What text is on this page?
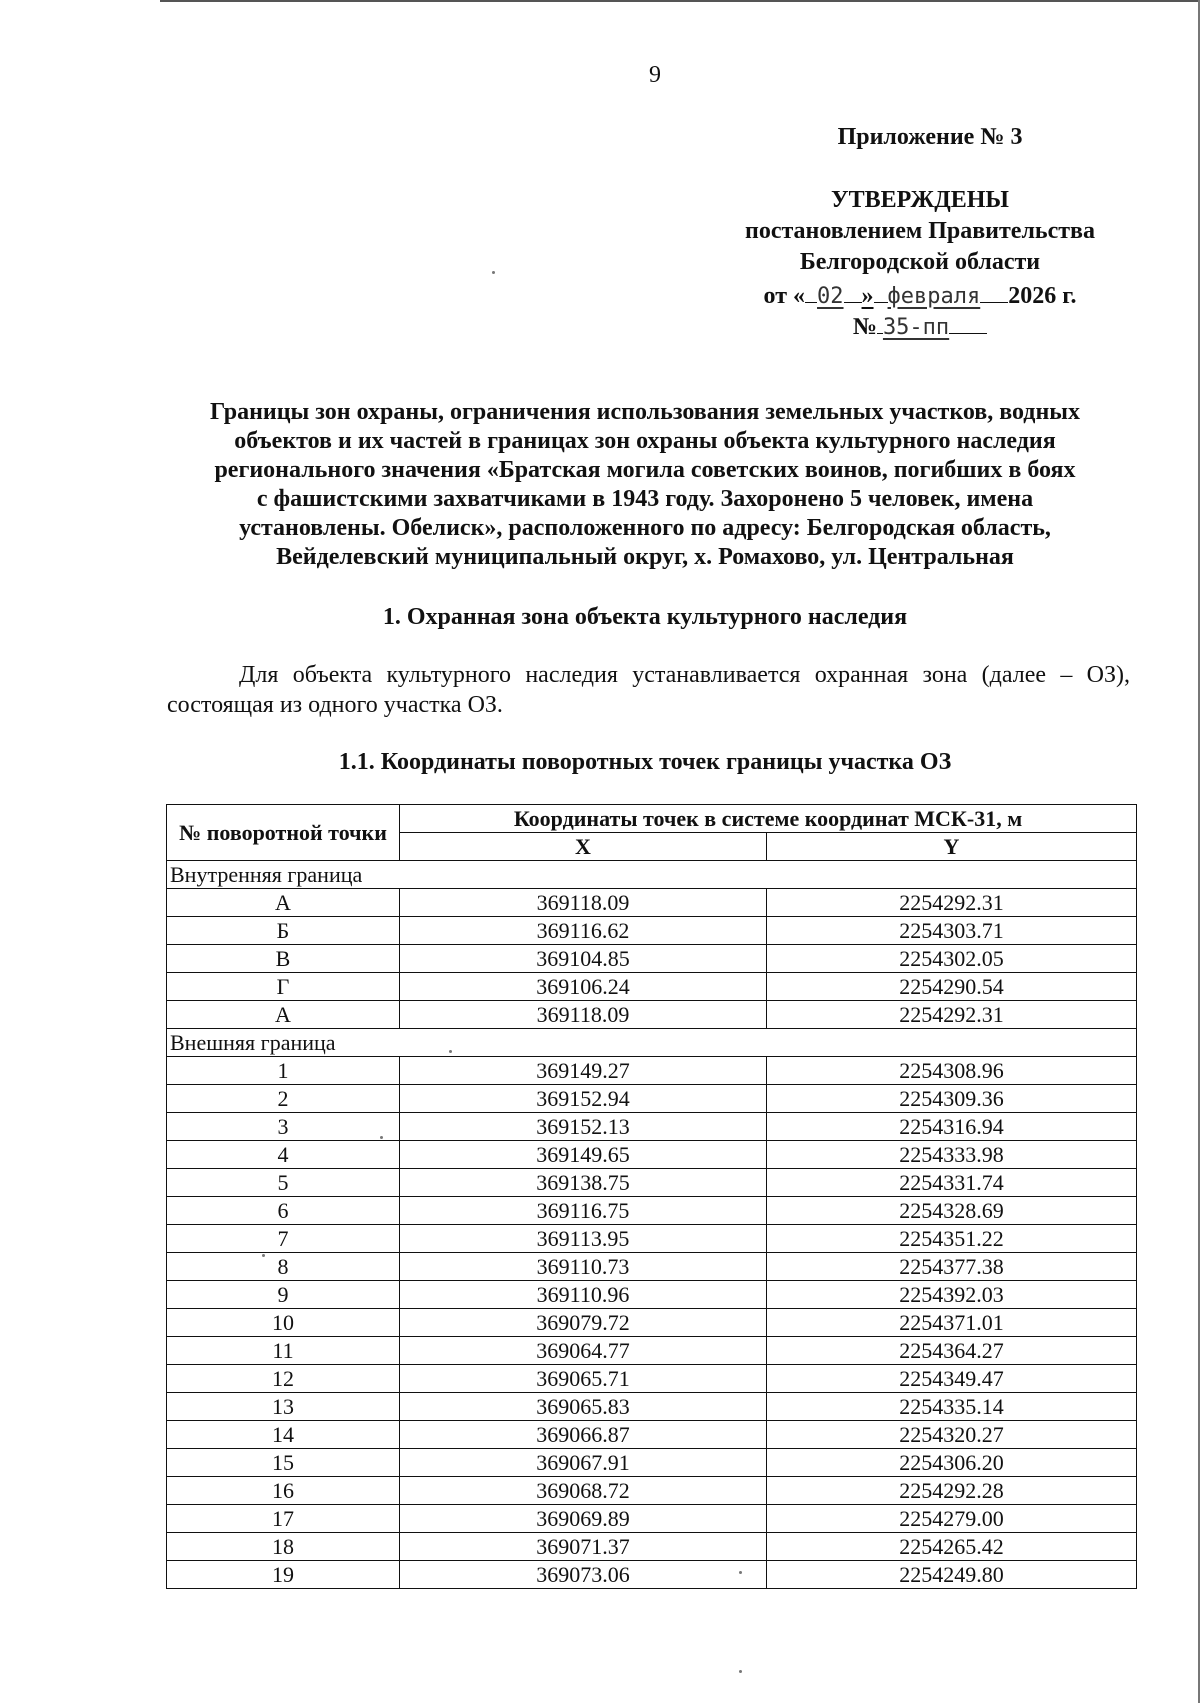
9
Приложение № 3
УТВЕРЖДЕНЫ
постановлением Правительства
Белгородской области
от « 02 » февраля 2026 г.
№ 35-пп
Границы зон охраны, ограничения использования земельных участков, водных
объектов и их частей в границах зон охраны объекта культурного наследия
регионального значения «Братская могила советских воинов, погибших в боях
с фашистскими захватчиками в 1943 году. Захоронено 5 человек, имена
установлены. Обелиск», расположенного по адресу: Белгородская область,
Вейделевский муниципальный округ, х. Ромахово, ул. Центральная
1. Охранная зона объекта культурного наследия
Для объекта культурного наследия устанавливается охранная зона (далее – ОЗ), состоящая из одного участка ОЗ.
1.1. Координаты поворотных точек границы участка ОЗ
№ поворотной точки	Координаты точек в системе координат МСК-31, м	
	X	Y
Внутренняя граница		
А	369118.09	2254292.31
Б	369116.62	2254303.71
В	369104.85	2254302.05
Г	369106.24	2254290.54
А	369118.09	2254292.31
Внешняя граница		
1	369149.27	2254308.96
2	369152.94	2254309.36
3	369152.13	2254316.94
4	369149.65	2254333.98
5	369138.75	2254331.74
6	369116.75	2254328.69
7	369113.95	2254351.22
8	369110.73	2254377.38
9	369110.96	2254392.03
10	369079.72	2254371.01
11	369064.77	2254364.27
12	369065.71	2254349.47
13	369065.83	2254335.14
14	369066.87	2254320.27
15	369067.91	2254306.20
16	369068.72	2254292.28
17	369069.89	2254279.00
18	369071.37	2254265.42
19	369073.06	2254249.80
